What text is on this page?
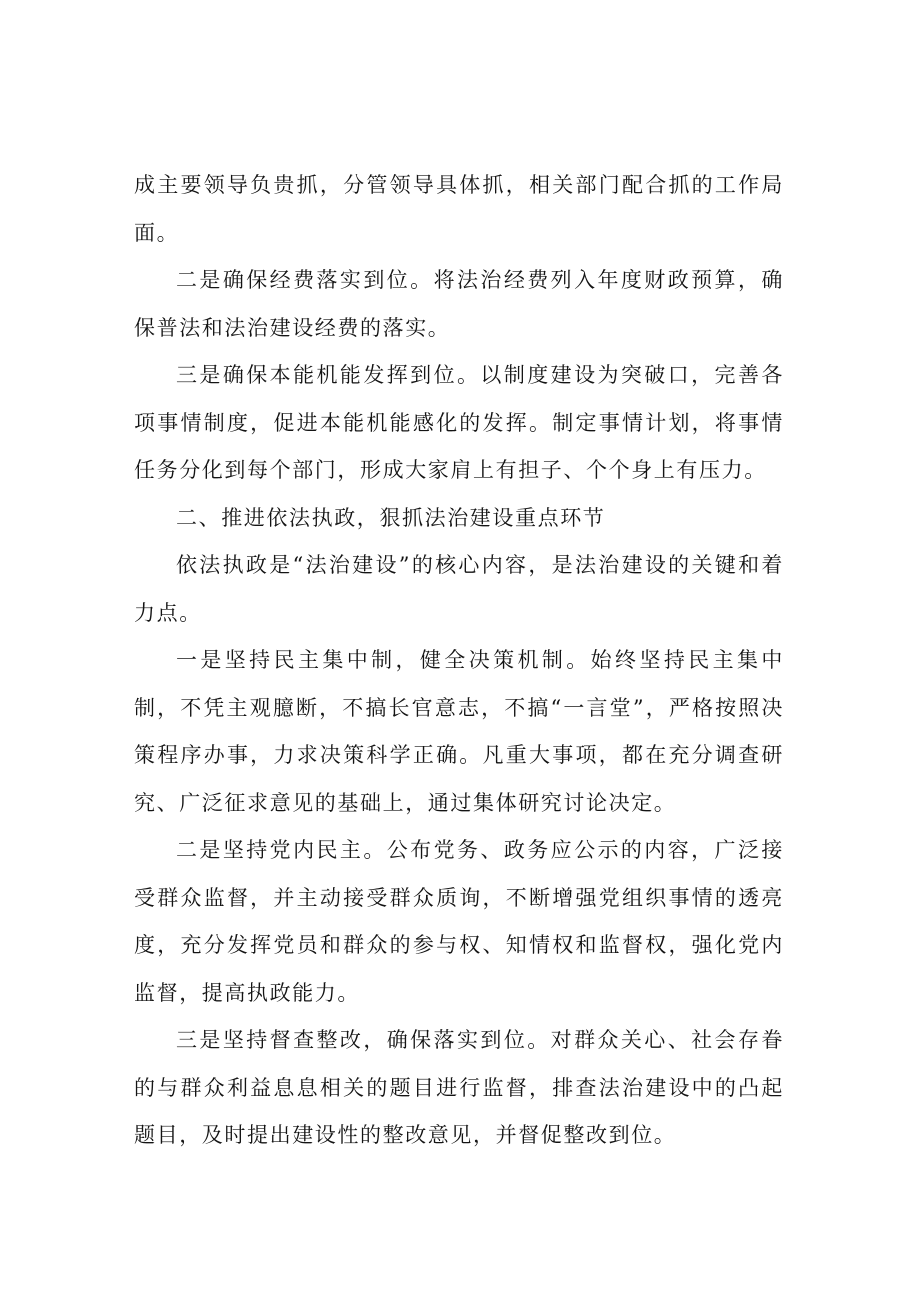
成主要领导负贵抓，分管领导具体抓，相关部门配合抓的工作局面。

二是确保经费落实到位。将法治经费列入年度财政预算，确保普法和法治建设经费的落实。

三是确保本能机能发挥到位。以制度建设为突破口，完善各项事情制度，促进本能机能感化的发挥。制定事情计划，将事情任务分化到每个部门，形成大家肩上有担子、个个身上有压力。

二、推进依法执政，狠抓法治建设重点环节

依法执政是“法治建设”的核心内容，是法治建设的关键和着力点。

一是坚持民主集中制，健全决策机制。始终坚持民主集中制，不凭主观臆断，不搞长官意志，不搞“一言堂”，严格按照决策程序办事，力求决策科学正确。凡重大事项，都在充分调查研究、广泛征求意见的基础上，通过集体研究讨论决定。

二是坚持党内民主。公布党务、政务应公示的内容，广泛接受群众监督，并主动接受群众质询，不断增强党组织事情的透亮度，充分发挥党员和群众的参与权、知情权和监督权，强化党内监督，提高执政能力。

三是坚持督查整改，确保落实到位。对群众关心、社会存眷的与群众利益息息相关的题目进行监督，排查法治建设中的凸起题目，及时提出建设性的整改意见，并督促整改到位。
